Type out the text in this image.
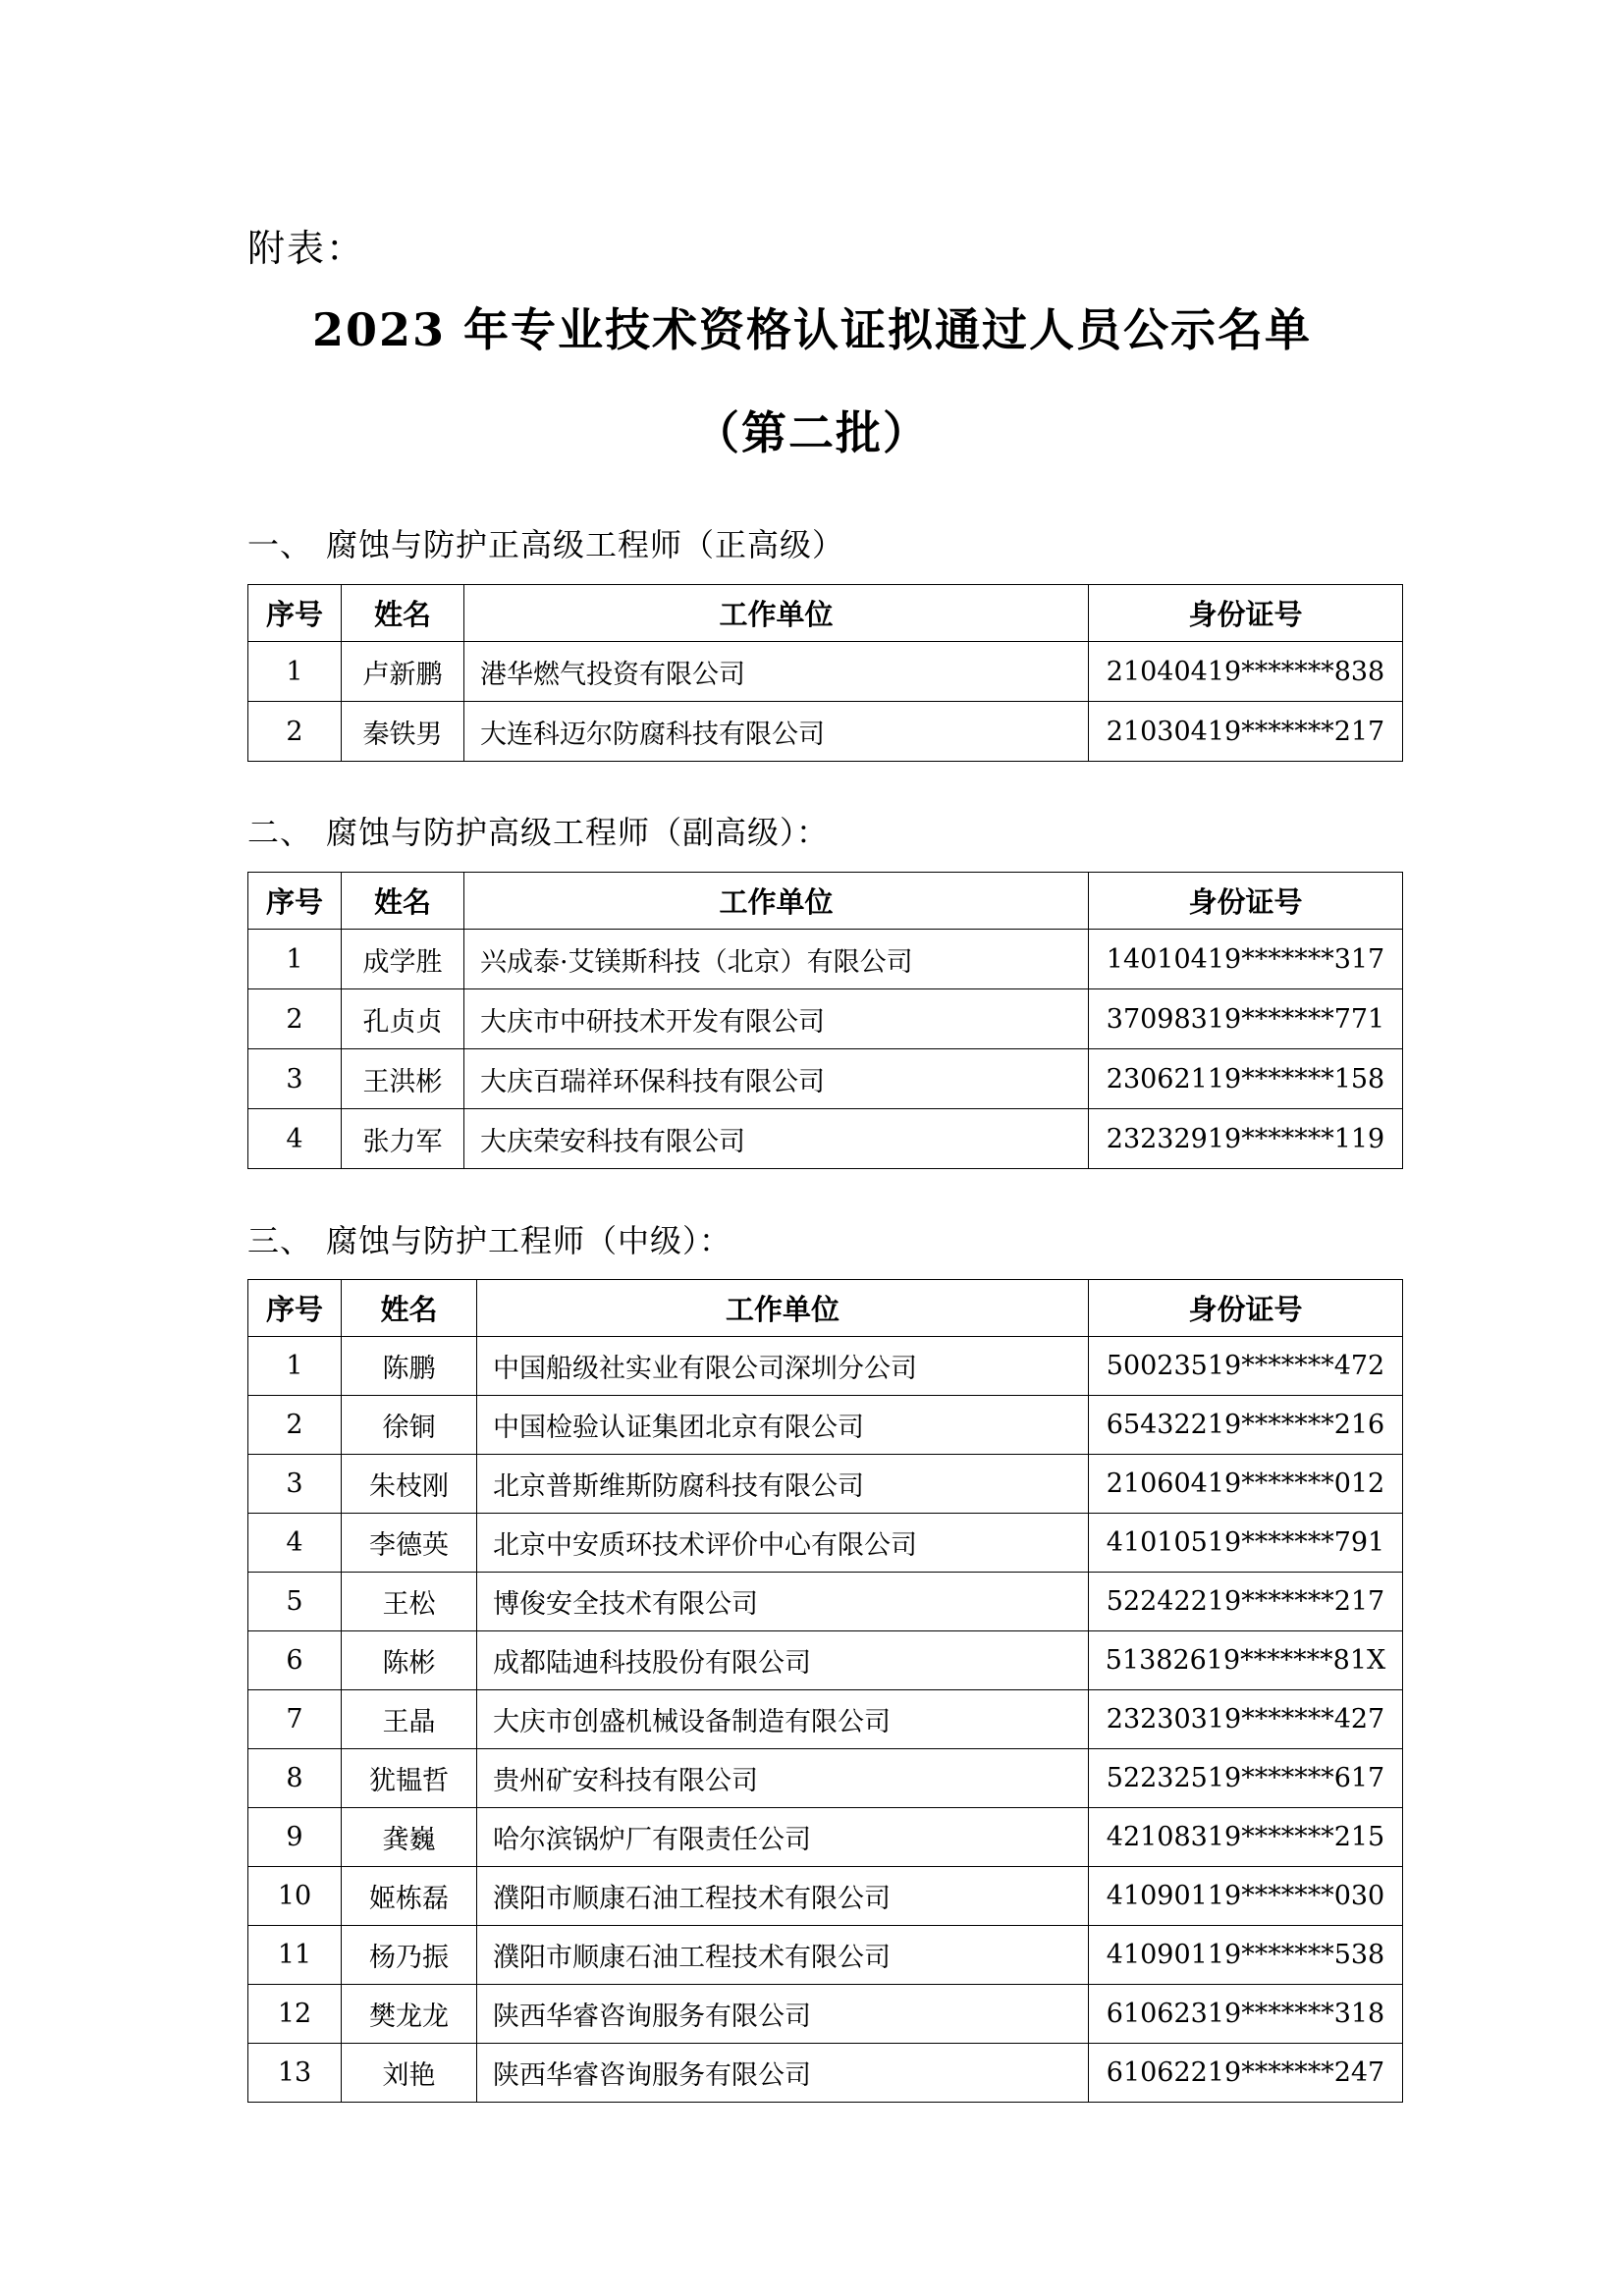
附表：
2023 年专业技术资格认证拟通过人员公示名单
（第二批）
一、 腐蚀与防护正高级工程师（正高级）
序号	姓名	工作单位	身份证号
1	卢新鹏	港华燃气投资有限公司	21040419*******838
2	秦铁男	大连科迈尔防腐科技有限公司	21030419*******217
二、 腐蚀与防护高级工程师（副高级）：
序号	姓名	工作单位	身份证号
1	成学胜	兴成泰·艾镁斯科技（北京）有限公司	14010419*******317
2	孔贞贞	大庆市中研技术开发有限公司	37098319*******771
3	王洪彬	大庆百瑞祥环保科技有限公司	23062119*******158
4	张力军	大庆荣安科技有限公司	23232919*******119
三、 腐蚀与防护工程师（中级）：
序号	姓名	工作单位	身份证号
1	陈鹏	中国船级社实业有限公司深圳分公司	50023519*******472
2	徐铜	中国检验认证集团北京有限公司	65432219*******216
3	朱枝刚	北京普斯维斯防腐科技有限公司	21060419*******012
4	李德英	北京中安质环技术评价中心有限公司	41010519*******791
5	王松	博俊安全技术有限公司	52242219*******217
6	陈彬	成都陆迪科技股份有限公司	51382619*******81X
7	王晶	大庆市创盛机械设备制造有限公司	23230319*******427
8	犹韫哲	贵州矿安科技有限公司	52232519*******617
9	龚巍	哈尔滨锅炉厂有限责任公司	42108319*******215
10	姬栋磊	濮阳市顺康石油工程技术有限公司	41090119*******030
11	杨乃振	濮阳市顺康石油工程技术有限公司	41090119*******538
12	樊龙龙	陕西华睿咨询服务有限公司	61062319*******318
13	刘艳	陕西华睿咨询服务有限公司	61062219*******247
